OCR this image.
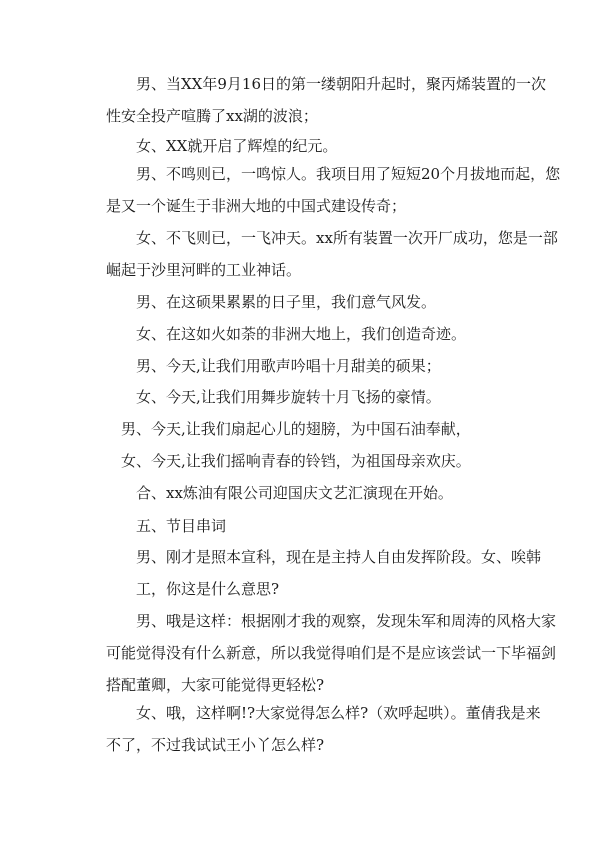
　　男、当XX年9月16日的第一缕朝阳升起时，聚丙烯装置的一次
性安全投产喧腾了xx湖的波浪；

　　女、XX就开启了辉煌的纪元。

　　男、不鸣则已，一鸣惊人。我项目用了短短20个月拔地而起，您
是又一个诞生于非洲大地的中国式建设传奇；

　　女、不飞则已，一飞冲天。xx所有装置一次开厂成功，您是一部
崛起于沙里河畔的工业神话。

　　男、在这硕果累累的日子里，我们意气风发。

　　女、在这如火如荼的非洲大地上，我们创造奇迹。

　　男、今天,让我们用歌声吟唱十月甜美的硕果；

　　女、今天,让我们用舞步旋转十月飞扬的豪情。

　男、今天,让我们扇起心儿的翅膀，为中国石油奉献，

　女、今天,让我们摇响青春的铃铛，为祖国母亲欢庆。

　　合、xx炼油有限公司迎国庆文艺汇演现在开始。

　　五、节目串词

　　男、刚才是照本宣科，现在是主持人自由发挥阶段。女、唉韩
　　工，你这是什么意思?

　　男、哦是这样：根据刚才我的观察，发现朱军和周涛的风格大家
可能觉得没有什么新意，所以我觉得咱们是不是应该尝试一下毕福剑
搭配董卿，大家可能觉得更轻松?

　　女、哦，这样啊!?大家觉得怎么样?（欢呼起哄）。董倩我是来
不了，不过我试试王小丫怎么样?
